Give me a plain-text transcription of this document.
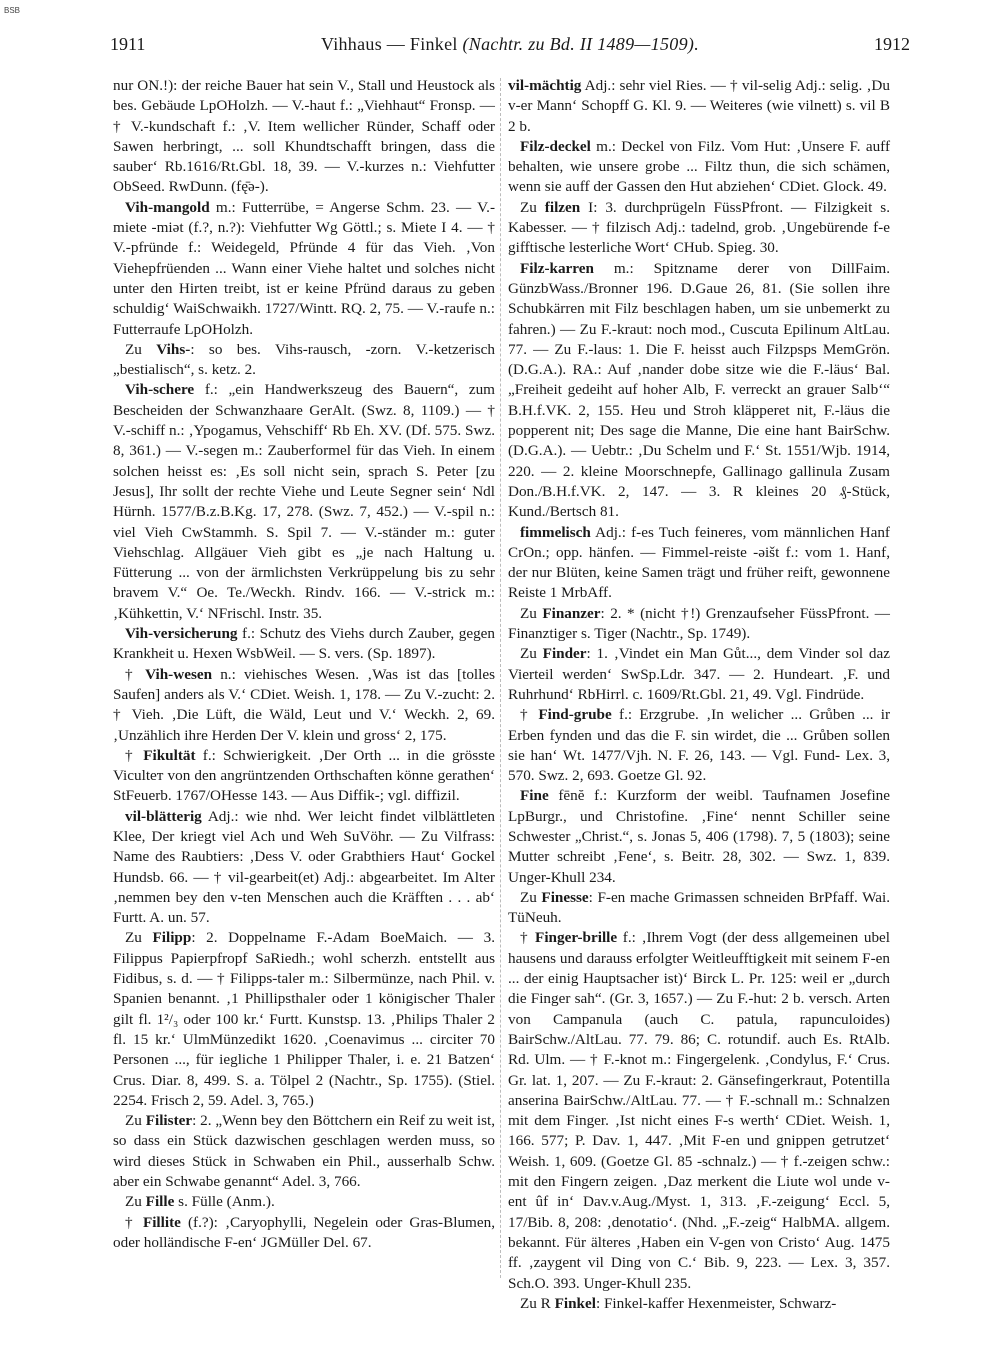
BSB
1911	Vihhaus — Finkel (Nachtr. zu Bd. II 1489—1509).	1912

nur ON.!): der reiche Bauer hat sein V., Stall und Heustock als bes. Gebäude LpOHolzh. — V.-haut f.: „Viehhaut“ Fronsp. — † V.-kundschaft f.: ‚V. Item wellicher Ründer, Schaff oder Sawen herbringt, ... soll Khundtschafft bringen, dass die sauber‘ Rb.1616/Rt.Gbl. 18, 39. — V.-kurzes n.: Viehfutter ObSeed. RwDunn. (fę̄ə-).

Vih-mangold m.: Futterrübe, = Angerse Schm. 23. — V.-miete -miət (f.?, n.?): Viehfutter Wg Göttl.; s. Miete I 4. — † V.-pfründe f.: Weidegeld, Pfründe 4 für das Vieh. ‚Von Viehepfrüenden ... Wann einer Viehe haltet und solches nicht unter den Hirten treibt, ist er keine Pfründ daraus zu geben schuldig‘ WaiSchwaikh. 1727/Wintt. RQ. 2, 75. — V.-raufe n.: Futterraufe LpOHolzh.

Zu Vihs-: so bes. Vihs-rausch, -zorn. V.-ketzerisch „bestialisch“, s. ketz. 2.

Vih-schere f.: „ein Handwerkszeug des Bauern“, zum Bescheiden der Schwanzhaare GerAlt. (Swz. 8, 1109.) — † V.-schiff n.: ‚Ypogamus, Vehschiff‘ Rb Eh. XV. (Df. 575. Swz. 8, 361.) — V.-segen m.: Zauberformel für das Vieh. In einem solchen heisst es: ‚Es soll nicht sein, sprach S. Peter [zu Jesus], Ihr sollt der rechte Viehe und Leute Segner sein‘ Ndl Hürnh. 1577/B.z.B.Kg. 17, 278. (Swz. 7, 452.) — V.-spil n.: viel Vieh CwStammh. S. Spil 7. — V.-ständer m.: guter Viehschlag. Allgäuer Vieh gibt es „je nach Haltung u. Fütterung ... von der ärmlichsten Verkrüppelung bis zu sehr bravem V.“ Oe. Te./Weckh. Rindv. 166. — V.-strick m.: ‚Kühkettin, V.‘ NFrischl. Instr. 35.

Vih-versicherung f.: Schutz des Viehs durch Zauber, gegen Krankheit u. Hexen WsbWeil. — S. vers. (Sp. 1897).

† Vih-wesen n.: viehisches Wesen. ‚Was ist das [tolles Saufen] anders als V.‘ CDiet. Weish. 1, 178. — Zu V.-zucht: 2. † Vieh. ‚Die Lüft, die Wäld, Leut und V.‘ Weckh. 2, 69. ‚Unzählich ihre Herden Der V. klein und gross‘ 2, 175.

† Fikultät f.: Schwierigkeit. ‚Der Orth ... in die grösste Viculteт von den angrüntzenden Orthschaften könne gerathen‘ StFeuerb. 1767/OHesse 143. — Aus Diffik-; vgl. diffizil.

vil-blätterig Adj.: wie nhd. Wer leicht findet vilblättleten Klee, Der kriegt viel Ach und Weh SuVöhr. — Zu Vilfrass: Name des Raubtiers: ‚Dess V. oder Grabthiers Haut‘ Gockel Hundsb. 66. — † vil-gearbeit(et) Adj.: abgearbeitet. Im Alter ‚nemmen bey den v-ten Menschen auch die Kräfften . . . ab‘ Furtt. A. un. 57.

Zu Filipp: 2. Doppelname F.-Adam BoeMaich. — 3. Filippus Papierpfropf SaRiedh.; wohl scherzh. entstellt aus Fidibus, s. d. — † Filipps-taler m.: Silbermünze, nach Phil. v. Spanien benannt. ‚1 Phillipsthaler oder 1 königischer Thaler gilt fl. 1²/₃ oder 100 kr.‘ Furtt. Kunstsp. 13. ‚Philips Thaler 2 fl. 15 kr.‘ UlmMünzedikt 1620. ‚Coenavimus ... circiter 70 Personen ..., für iegliche 1 Philipper Thaler, i. e. 21 Batzen‘ Crus. Diar. 8, 499. S. a. Tölpel 2 (Nachtr., Sp. 1755). (Stiel. 2254. Frisch 2, 59. Adel. 3, 765.)

Zu Filister: 2. „Wenn bey den Böttchern ein Reif zu weit ist, so dass ein Stück dazwischen geschlagen werden muss, so wird dieses Stück in Schwaben ein Phil., ausserhalb Schw. aber ein Schwabe genannt“ Adel. 3, 766.

Zu Fille s. Fülle (Anm.).

† Fillite (f.?): ‚Caryophylli, Negelein oder Gras-Blumen, oder holländische F-en‘ JGMüller Del. 67.

vil-mächtig Adj.: sehr viel Ries. — † vil-selig Adj.: selig. ‚Du v-er Mann‘ Schopff G. Kl. 9. — Weiteres (wie vilnett) s. vil B 2 b.

Filz-deckel m.: Deckel von Filz. Vom Hut: ‚Unsere F. auff behalten, wie unsere grobe ... Filtz thun, die sich schämen, wenn sie auff der Gassen den Hut abziehen‘ CDiet. Glock. 49.

Zu filzen I: 3. durchprügeln FüssPfront. — Filzigkeit s. Kabesser. — † filzisch Adj.: tadelnd, grob. ‚Ungebürende f-e gifftische lesterliche Wort‘ CHub. Spieg. 30.

Filz-karren m.: Spitzname derer von DillFaim. GünzbWass./Bronner 196. D.Gaue 26, 81. (Sie sollen ihre Schubkärren mit Filz beschlagen haben, um sie unbemerkt zu fahren.) — Zu F.-kraut: noch mod., Cuscuta Epilinum AltLau. 77. — Zu F.-laus: 1. Die F. heisst auch Filzpsps MemGrön. (D.G.A.). RA.: Auf ‚nander dobe sitze wie die F.-läus‘ Bal. „Freiheit gedeiht auf hoher Alb, F. verreckt an grauer Salb‘“ B.H.f.VK. 2, 155. Heu und Stroh kläpperet nit, F.-läus die popperent nit; Des sage die Manne, Die eine hant BairSchw. (D.G.A.). — Uebtr.: ‚Du Schelm und F.‘ St. 1551/Wjb. 1914, 220. — 2. kleine Moorschnepfe, Gallinago gallinula Zusam Don./B.H.f.VK. 2, 147. — 3. R kleines 20 ₰-Stück, Kund./Bertsch 81.

fimmelisch Adj.: f-es Tuch feineres, vom männlichen Hanf CrOn.; opp. hänfen. — Fimmel-reiste -əišt f.: vom 1. Hanf, der nur Blüten, keine Samen trägt und früher reift, gewonnene Reiste 1 MrbAff.

Zu Finanzer: 2. * (nicht †!) Grenzaufseher FüssPfront. — Finanztiger s. Tiger (Nachtr., Sp. 1749).

Zu Finder: 1. ‚Vindet ein Man Gůt..., dem Vinder sol daz Vierteil werden‘ SwSp.Ldr. 347. — 2. Hundeart. ‚F. und Ruhrhund‘ RbHirrl. c. 1609/Rt.Gbl. 21, 49. Vgl. Findrüde.

† Find-grube f.: Erzgrube. ‚In welicher ... Grůben ... ir Erben fynden und das die F. sin wirdet, die ... Grůben sollen sie han‘ Wt. 1477/Vjh. N. F. 26, 143. — Vgl. Fund- Lex. 3, 570. Swz. 2, 693. Goetze Gl. 92.

Fine fēnĕ f.: Kurzform der weibl. Taufnamen Josefine LpBurgr., und Christofine. ‚Fine‘ nennt Schiller seine Schwester „Christ.“, s. Jonas 5, 406 (1798). 7, 5 (1803); seine Mutter schreibt ‚Fene‘, s. Beitr. 28, 302. — Swz. 1, 839. Unger-Khull 234.

Zu Finesse: F-en mache Grimassen schneiden BrPfaff. Wai. TüNeuh.

† Finger-brille f.: ‚Ihrem Vogt (der dess allgemeinen ubel hausens und darauss erfolgter Weitleufftigkeit mit seinem F-en ... der einig Hauptsacher ist)‘ Birck L. Pr. 125: weil er „durch die Finger sah“. (Gr. 3, 1657.) — Zu F.-hut: 2 b. versch. Arten von Campanula (auch C. patula, rapunculoides) BairSchw./AltLau. 77. 79. 86; C. rotundif. auch Es. RtAlb. Rd. Ulm. — † F.-knot m.: Fingergelenk. ‚Condylus, F.‘ Crus. Gr. lat. 1, 207. — Zu F.-kraut: 2. Gänsefingerkraut, Potentilla anserina BairSchw./AltLau. 77. — † F.-schnall m.: Schnalzen mit dem Finger. ‚Ist nicht eines F-s werth‘ CDiet. Weish. 1, 166. 577; P. Dav. 1, 447. ‚Mit F-en und gnippen getrutzet‘ Weish. 1, 609. (Goetze Gl. 85 -schnalz.) — † f.-zeigen schw.: mit den Fingern zeigen. ‚Daz merkent die Liute wol unde v-ent ûf in‘ Dav.v.Aug./Myst. 1, 313. ‚F.-zeigung‘ Eccl. 5, 17/Bib. 8, 208: ‚denotatio‘. (Nhd. „F.-zeig“ HalbMA. allgem. bekannt. Für älteres ‚Haben ein V-gen von Cristo‘ Aug. 1475 ff. ‚zaygent vil Ding von C.‘ Bib. 9, 223. — Lex. 3, 357. Sch.O. 393. Unger-Khull 235.

Zu R Finkel: Finkel-kaffer Hexenmeister, Schwarz-
